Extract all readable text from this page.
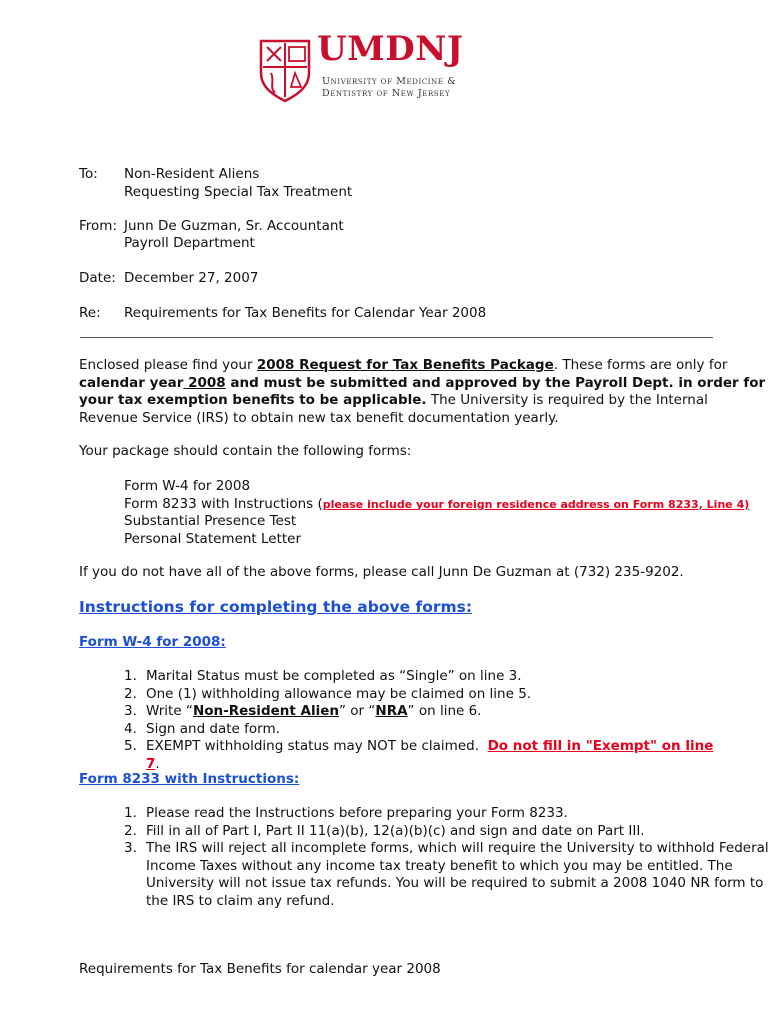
UMDNJ
University of Medicine &
Dentistry of New Jersey
To: Non-Resident Aliens
Requesting Special Tax Treatment
From: Junn De Guzman, Sr. Accountant
Payroll Department
Date: December 27, 2007
Re: Requirements for Tax Benefits for Calendar Year 2008
Enclosed please find your 2008 Request for Tax Benefits Package. These forms are only for
calendar year 2008 and must be submitted and approved by the Payroll Dept. in order for
your tax exemption benefits to be applicable. The University is required by the Internal
Revenue Service (IRS) to obtain new tax benefit documentation yearly.
Your package should contain the following forms:
Form W-4 for 2008
Form 8233 with Instructions (please include your foreign residence address on Form 8233, Line 4)
Substantial Presence Test
Personal Statement Letter
If you do not have all of the above forms, please call Junn De Guzman at (732) 235-9202.
Instructions for completing the above forms:
Form W-4 for 2008:
1. Marital Status must be completed as “Single” on line 3.
2. One (1) withholding allowance may be claimed on line 5.
3. Write “Non-Resident Alien” or “NRA” on line 6.
4. Sign and date form.
5. EXEMPT withholding status may NOT be claimed.  Do not fill in "Exempt" on line 7.
Form 8233 with Instructions:
1. Please read the Instructions before preparing your Form 8233.
2. Fill in all of Part I, Part II 11(a)(b), 12(a)(b)(c) and sign and date on Part III.
3. The IRS will reject all incomplete forms, which will require the University to withhold Federal
Income Taxes without any income tax treaty benefit to which you may be entitled. The
University will not issue tax refunds. You will be required to submit a 2008 1040 NR form to
the IRS to claim any refund.
Requirements for Tax Benefits for calendar year 2008
